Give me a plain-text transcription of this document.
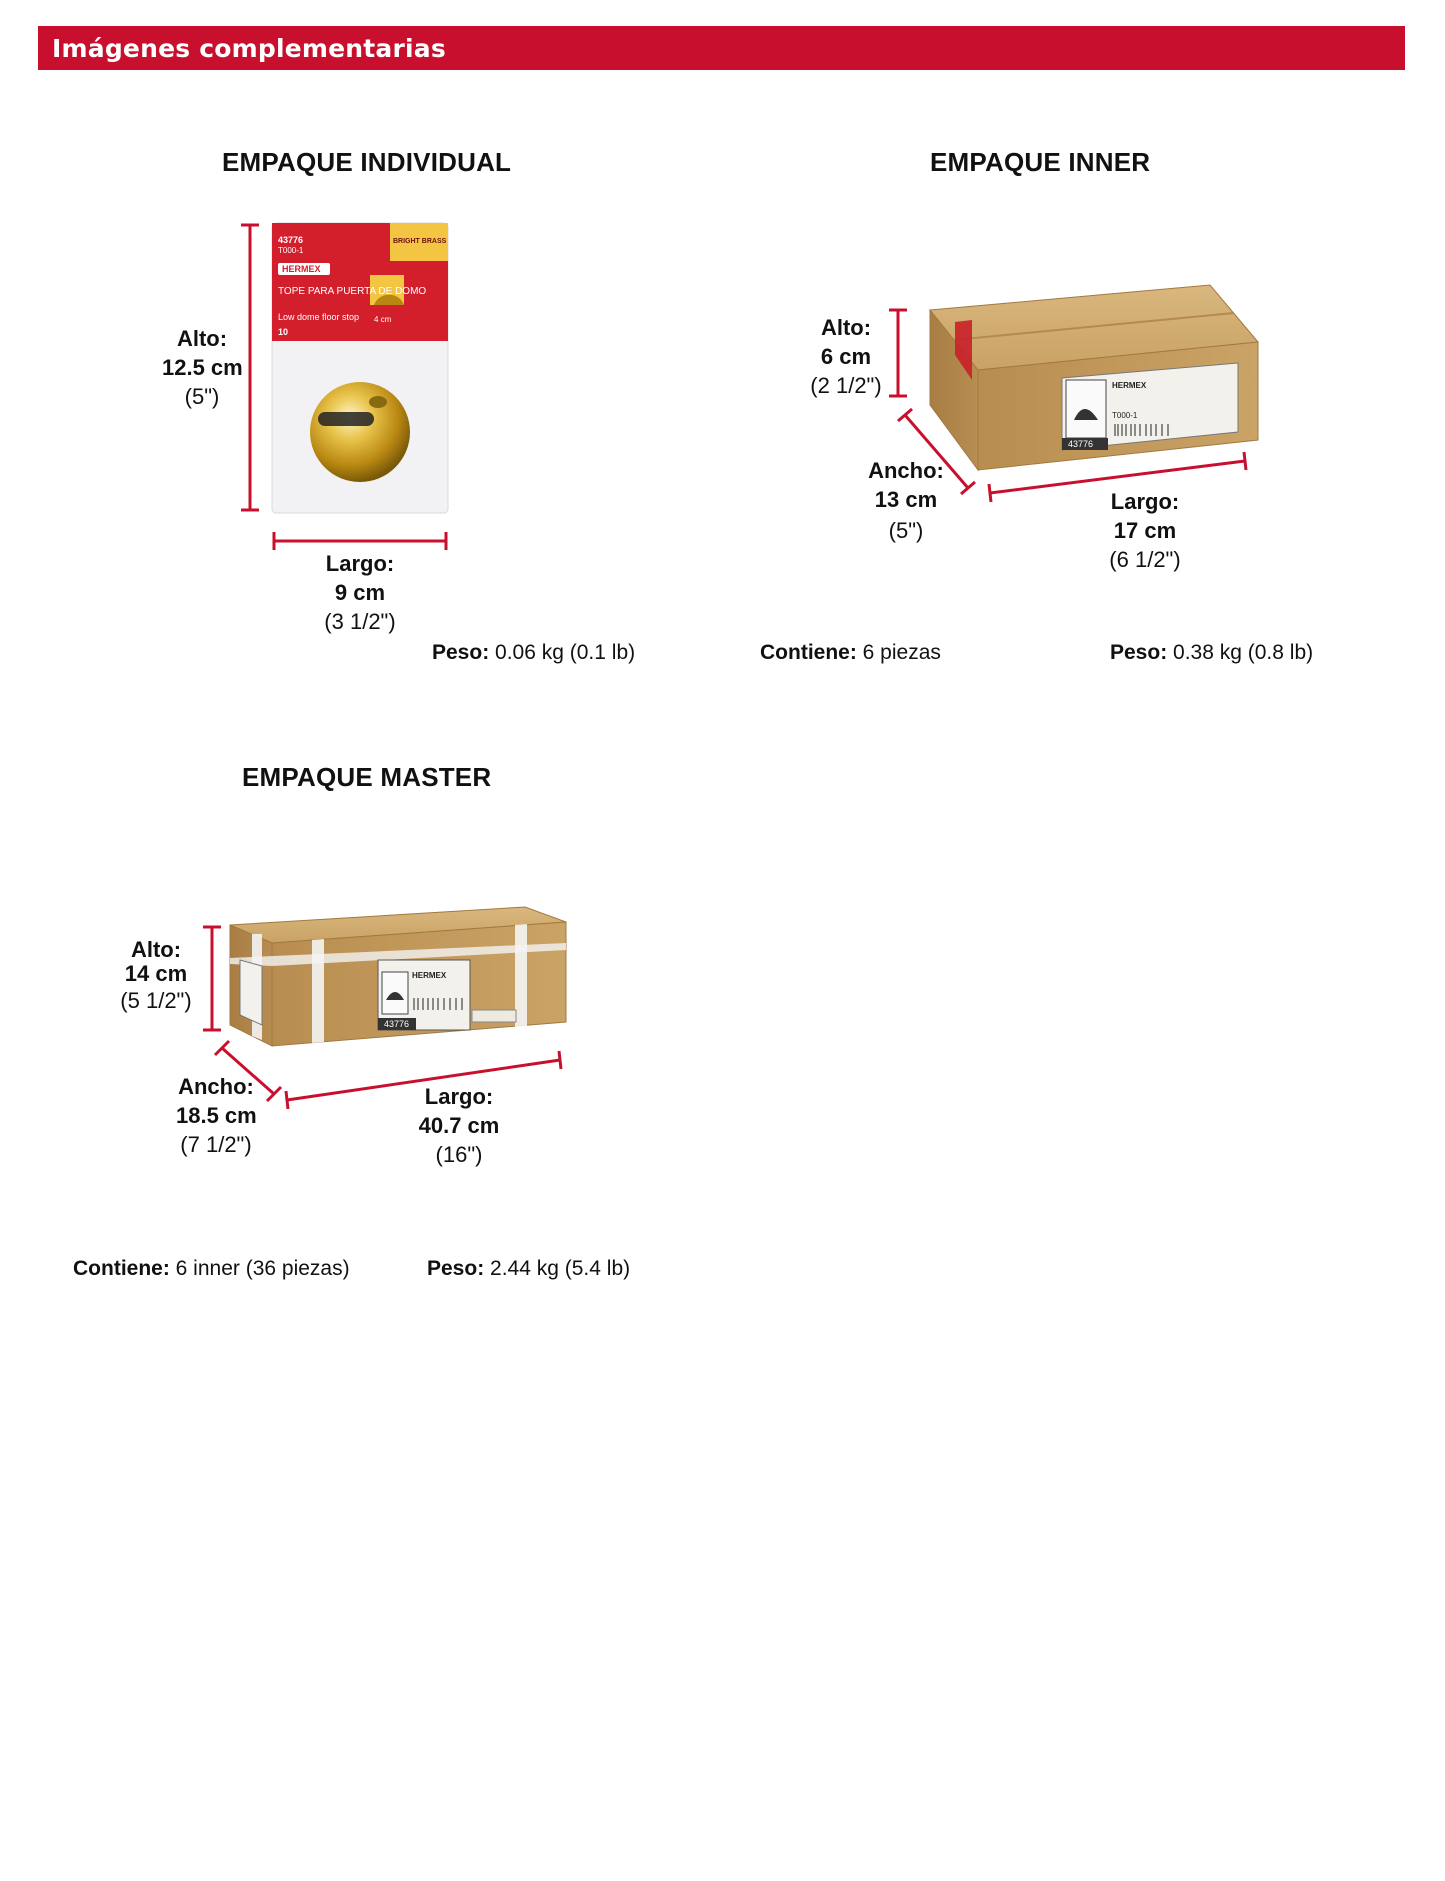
Imágenes complementarias
EMPAQUE INDIVIDUAL	EMPAQUE INNER
EMPAQUE MASTER
HERMEX
43776
T000-1
TOPE PARA PUERTA DE DOMO
Low dome floor stop
BRIGHT BRASS
4 cm
10
43776
HERMEX
T000-1
43776
HERMEX
Alto:
12.5 cm
(5")
Largo:
9 cm
(3 1/2")
Peso: 0.06 kg (0.1 lb)
Alto:
6 cm
(2 1/2")
Ancho:
13 cm
(5")
Largo:
17 cm
(6 1/2")
Contiene: 6 piezas	Peso: 0.38 kg (0.8 lb)
Alto:
14 cm
(5 1/2")
Ancho:
18.5 cm
(7 1/2")
Largo:
40.7 cm
(16")
Contiene: 6 inner (36 piezas)	Peso: 2.44 kg (5.4 lb)
